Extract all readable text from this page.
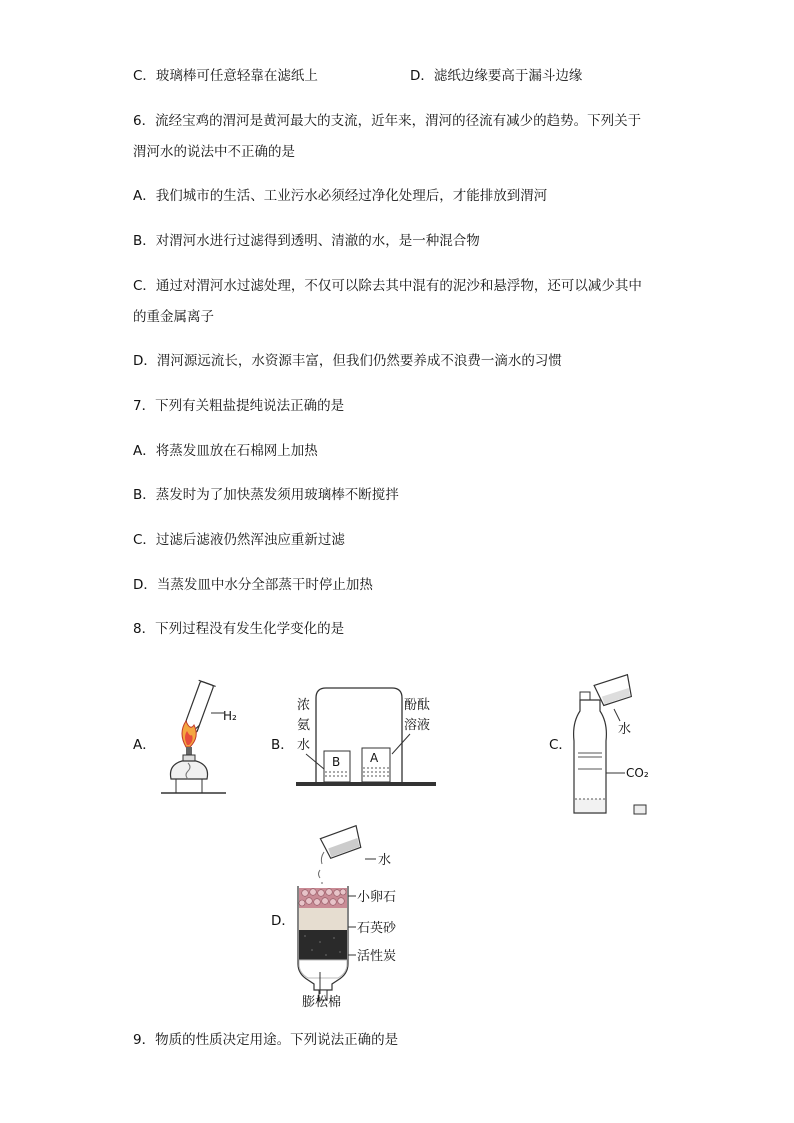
C．玻璃棒可任意轻靠在滤纸上	D．滤纸边缘要高于漏斗边缘
6．流经宝鸡的渭河是黄河最大的支流，近年来，渭河的径流有减少的趋势。下列关于
渭河水的说法中不正确的是
A．我们城市的生活、工业污水必须经过净化处理后，才能排放到渭河
B．对渭河水进行过滤得到透明、清澈的水，是一种混合物
C．通过对渭河水过滤处理，不仅可以除去其中混有的泥沙和悬浮物，还可以减少其中
的重金属离子
D．渭河源远流长，水资源丰富，但我们仍然要养成不浪费一滴水的习惯
7．下列有关粗盐提纯说法正确的是
A．将蒸发皿放在石棉网上加热
B．蒸发时为了加快蒸发须用玻璃棒不断搅拌
C．过滤后滤液仍然浑浊应重新过滤
D．当蒸发皿中水分全部蒸干时停止加热
8．下列过程没有发生化学变化的是
A．
H₂
B．
浓
氨
水
酚酞
溶液
B A
C．
水
CO₂
D．
水
小卵石
石英砂
活性炭
膨松棉
9．物质的性质决定用途。下列说法正确的是
